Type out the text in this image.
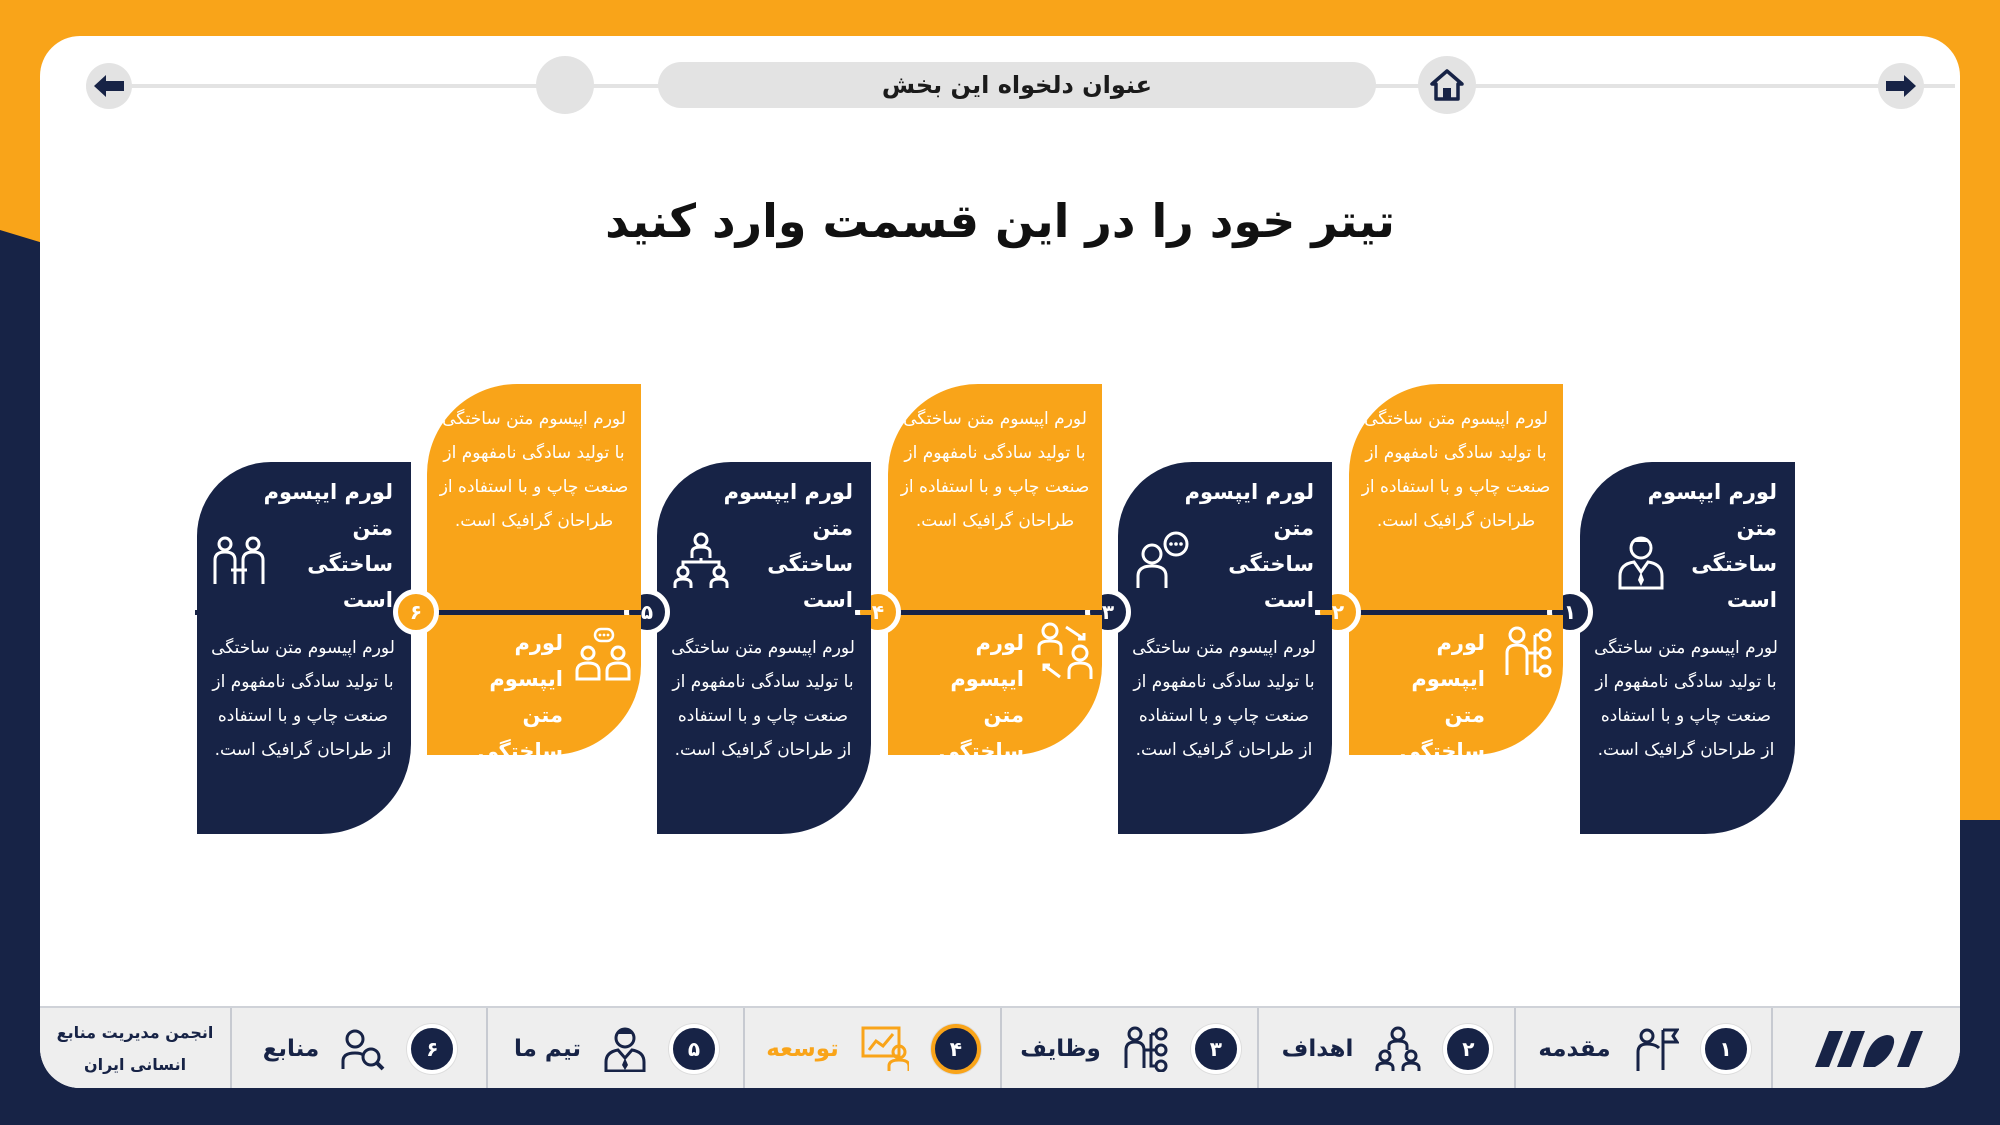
عنوان دلخواه این بخش
تیتر خود را در این قسمت وارد کنید
لورم ایپسوم متن ساختگی است
لورم اپیسوم متن ساختگی با تولید سادگی نامفهوم از صنعت چاپ و با استفاده از طراحان گرافیک است.
۱
لورم اپیسوم متن ساختگی با تولید سادگی نامفهوم از صنعت چاپ و با استفاده از طراحان گرافیک است.
لورم ایپسوم متن ساختگی است
۲
لورم ایپسوم متن ساختگی است
لورم اپیسوم متن ساختگی با تولید سادگی نامفهوم از صنعت چاپ و با استفاده از طراحان گرافیک است.
۳
لورم اپیسوم متن ساختگی با تولید سادگی نامفهوم از صنعت چاپ و با استفاده از طراحان گرافیک است.
لورم ایپسوم متن ساختگی است
۴
لورم ایپسوم متن ساختگی است
لورم اپیسوم متن ساختگی با تولید سادگی نامفهوم از صنعت چاپ و با استفاده از طراحان گرافیک است.
۵
لورم اپیسوم متن ساختگی با تولید سادگی نامفهوم از صنعت چاپ و با استفاده از طراحان گرافیک است.
لورم ایپسوم متن ساختگی است
لورم ایپسوم متن ساختگی است
لورم اپیسوم متن ساختگی با تولید سادگی نامفهوم از صنعت چاپ و با استفاده از طراحان گرافیک است.
۶
انجمن مدیریت منابع
انسانی ایران
۶
منابع	۵
تیم ما	۴
توسعه	۳
وظایف	۲
اهداف	۱
مقدمه
